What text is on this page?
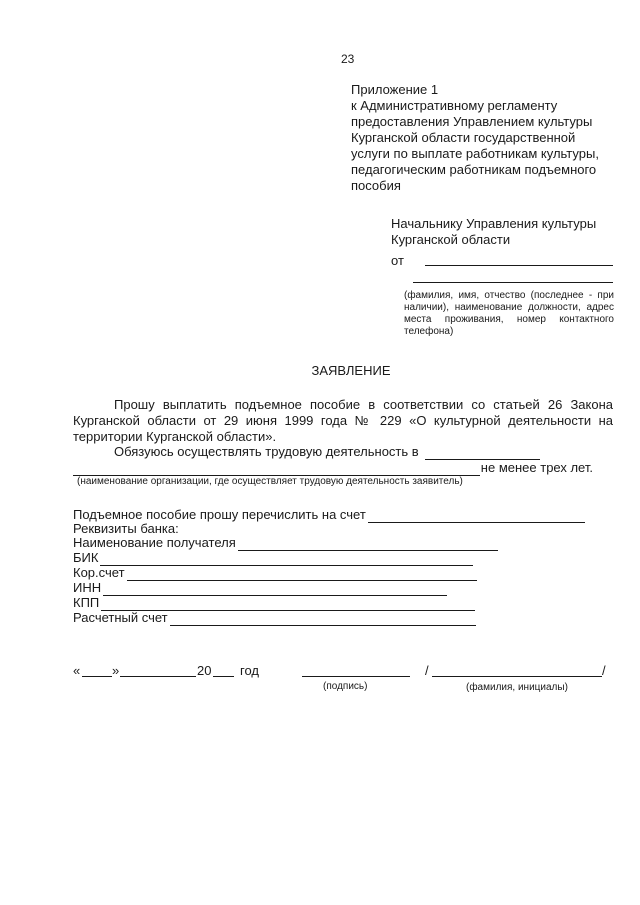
23
Приложение 1
к Административному регламенту
предоставления Управлением культуры
Курганской области государственной
услуги по выплате работникам культуры,
педагогическим работникам подъемного
пособия
Начальнику Управления культуры
Курганской области
от
(фамилия, имя, отчество (последнее - при наличии), наименование должности, адрес места проживания, номер контактного телефона)
ЗАЯВЛЕНИЕ
Прошу выплатить подъемное пособие в соответствии со статьей 26 Закона Курганской области от 29 июня 1999 года № 229 «О культурной деятельности на территории Курганской области».
Обязуюсь осуществлять трудовую деятельность в
не менее трех лет.
(наименование организации, где осуществляет трудовую деятельность заявитель)
Подъемное пособие прошу перечислить на счет
Реквизиты банка:
Наименование получателя
БИК
Кор.счет
ИНН
КПП
Расчетный счет
« »	20 год	/	/
(подпись)	(фамилия, инициалы)
